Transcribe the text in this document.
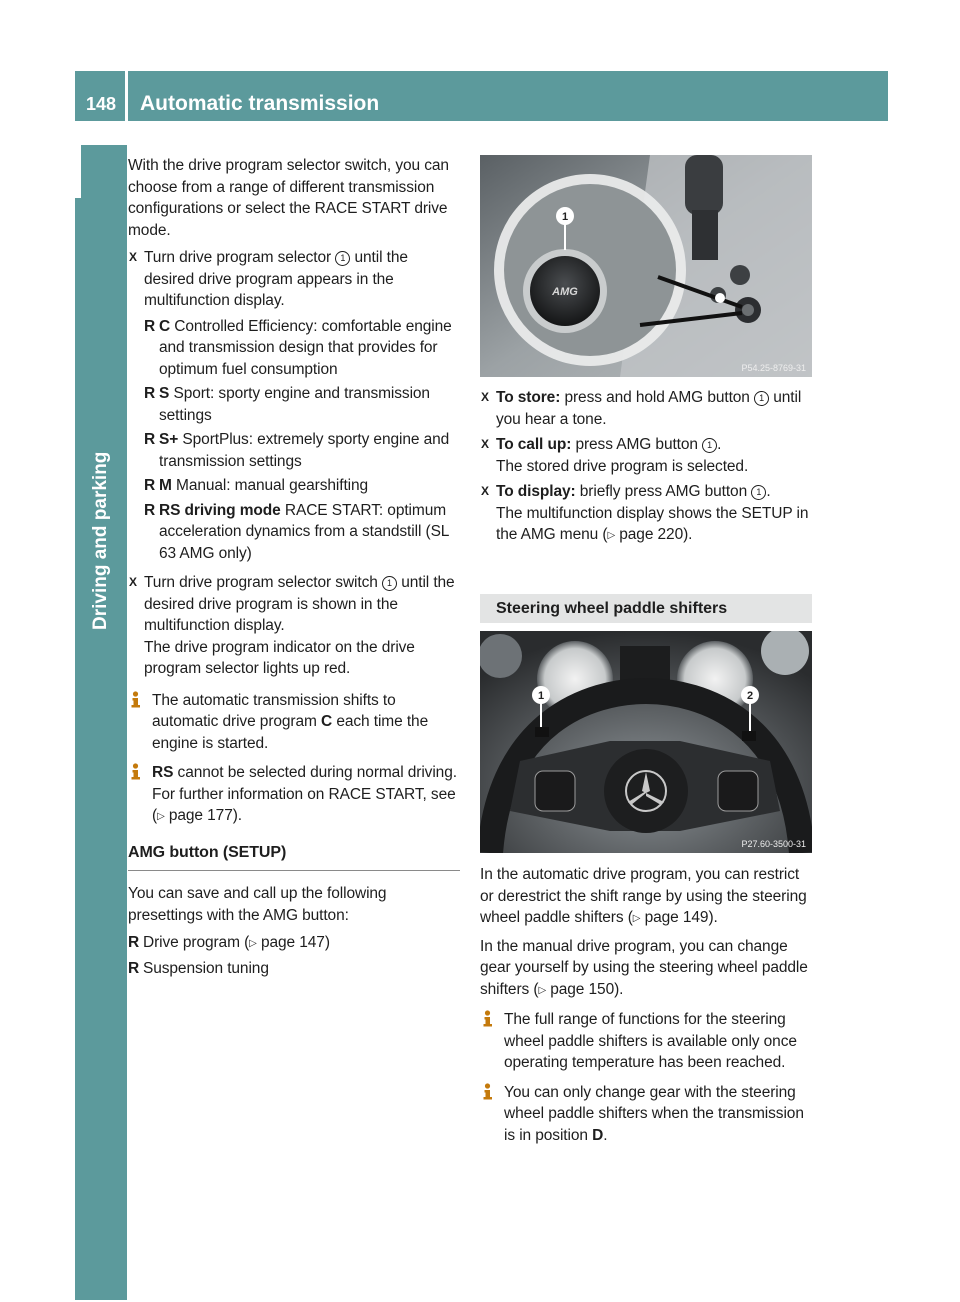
148	Automatic transmission
Driving and parking

With the drive program selector switch, you can choose from a range of different transmission configurations or select the RACE START drive mode.

X Turn drive program selector 1 until the desired drive program appears in the multifunction display.
R C Controlled Efficiency: comfortable engine and transmission design that provides for optimum fuel consumption
R S Sport: sporty engine and transmission settings
R S+ SportPlus: extremely sporty engine and transmission settings
R M Manual: manual gearshifting
R RS driving mode RACE START: optimum acceleration dynamics from a standstill (SL 63 AMG only)
X Turn drive program selector switch 1 until the desired drive program is shown in the multifunction display.
The drive program indicator on the drive program selector lights up red.
The automatic transmission shifts to automatic drive program C each time the engine is started.
RS cannot be selected during normal driving. For further information on RACE START, see (▷ page 177).
AMG button (SETUP)

You can save and call up the following presettings with the AMG button:

R Drive program (▷ page 147)
R Suspension tuning
AMG
1
P54.25-8769-31
X To store: press and hold AMG button 1 until you hear a tone.
X To call up: press AMG button 1 .
The stored drive program is selected.
X To display: briefly press AMG button 1 .
The multifunction display shows the SETUP in the AMG menu (▷ page 220).
Steering wheel paddle shifters
1	2
P27.60-3500-31

In the automatic drive program, you can restrict or derestrict the shift range by using the steering wheel paddle shifters (▷ page 149).

In the manual drive program, you can change gear yourself by using the steering wheel paddle shifters (▷ page 150).

The full range of functions for the steering wheel paddle shifters is available only once operating temperature has been reached.
You can only change gear with the steering wheel paddle shifters when the transmission is in position D.
